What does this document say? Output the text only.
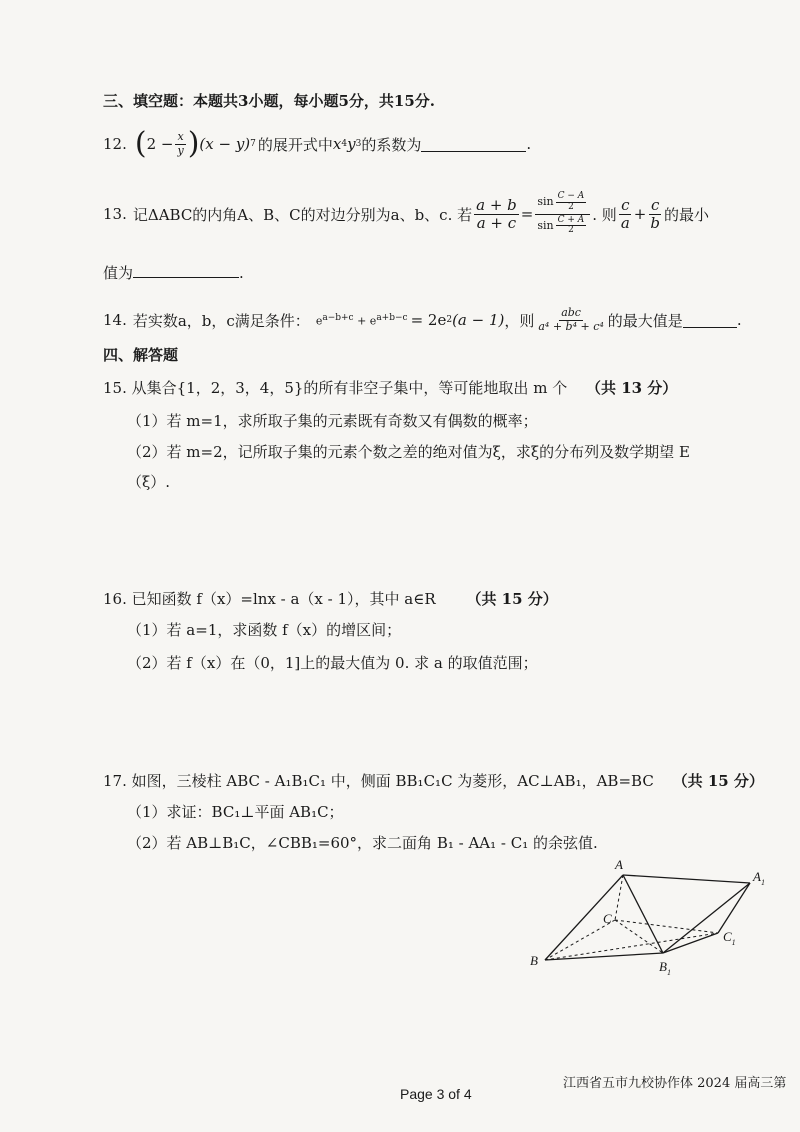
三、填空题：本题共3小题，每小题5分，共15分.
12. ( $2 - \frac{x}{y}$ ) (x − y) 7 的展开式中 x 4 y 3 的系数为	.
13. 记ΔABC的内角A、B、C的对边分别为a、b、c. 若 $\frac{a + b}{a + c} = \frac{\sin \frac{C - A}{2}}{\sin \frac{C + A}{2}}$ . 则 $\frac{c}{a} + \frac{c}{b}$ 的最小
值为	.
14. 若实数a，b，c满足条件： $e^{a-b+c} + e^{a+b-c} = 2e$ 2 (a − 1) ，则 $\frac{\text{abc}}{\text{a⁴ + b⁴ + c⁴}}$ 的最大值是	.
四、解答题
15. 从集合{1，2，3，4，5}的所有非空子集中，等可能地取出 m 个 （共 13 分）
（1）若 m=1，求所取子集的元素既有奇数又有偶数的概率；
（2）若 m=2，记所取子集的元素个数之差的绝对值为ξ，求ξ的分布列及数学期望 E
（ξ）.
16. 已知函数 f（x）=lnx - a（x - 1），其中 a∈R （共 15 分）
（1）若 a=1，求函数 f（x）的增区间；
（2）若 f（x）在（0，1]上的最大值为 0. 求 a 的取值范围；
17. 如图，三棱柱 ABC - A₁B₁C₁ 中，侧面 BB₁C₁C 为菱形，AC⊥AB₁，AB=BC （共 15 分）
（1）求证：BC₁⊥平面 AB₁C；
（2）若 AB⊥B₁C，∠CBB₁=60°，求二面角 B₁ - AA₁ - C₁ 的余弦值.
A
$A_1$
B	$B_1$
C
$C_1$
Page 3 of 4
江西省五市九校协作体 2024 届高三第
